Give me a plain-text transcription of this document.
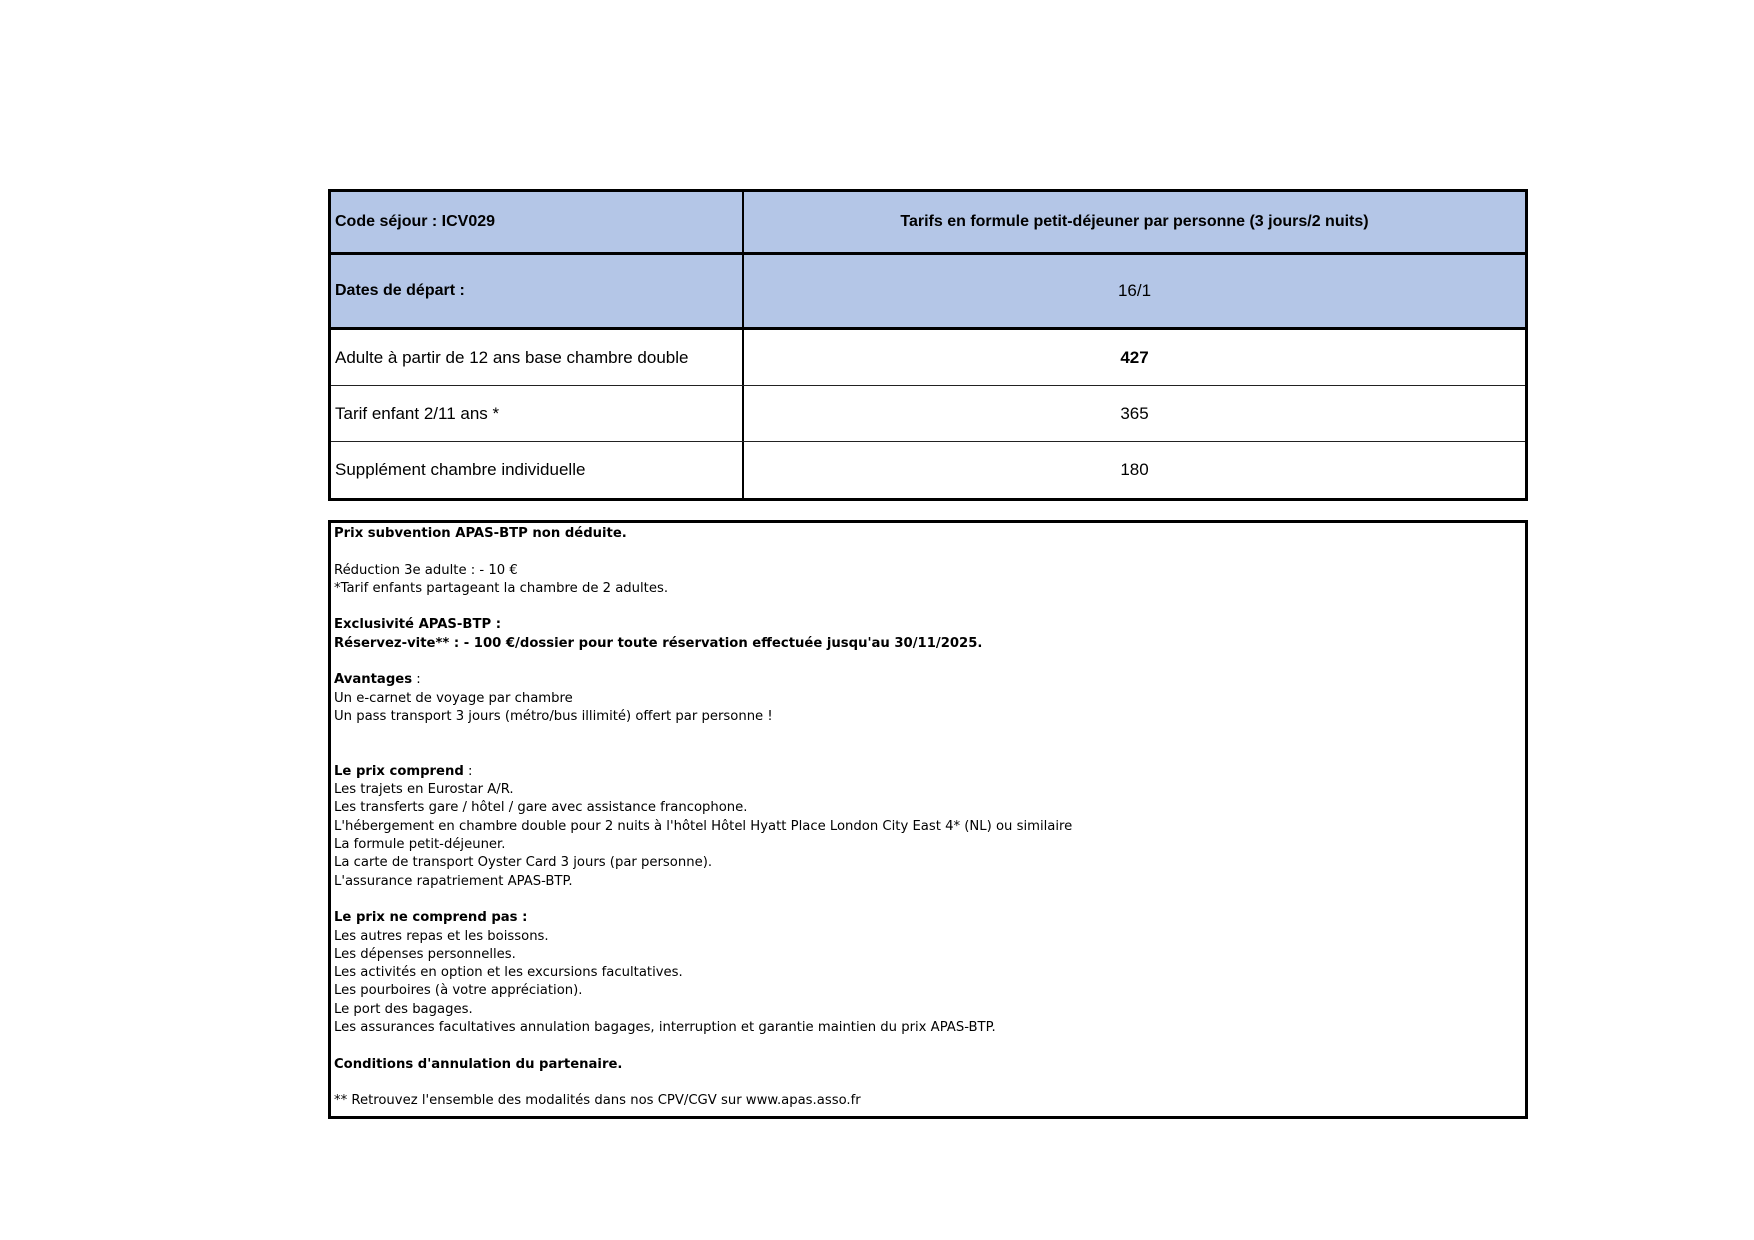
Code séjour : ICV029	Tarifs en formule petit-déjeuner par personne (3 jours/2 nuits)
Dates de départ :	16/1
Adulte à partir de 12 ans base chambre double	427
Tarif enfant 2/11 ans *	365
Supplément chambre individuelle	180
Prix subvention APAS-BTP non déduite.
Réduction 3e adulte : - 10 €
*Tarif enfants partageant la chambre de 2 adultes.
Exclusivité APAS-BTP :
Réservez-vite** : - 100 €/dossier pour toute réservation effectuée jusqu'au 30/11/2025.
Avantages :
Un e-carnet de voyage par chambre
Un pass transport 3 jours (métro/bus illimité) offert par personne !
Le prix comprend :
Les trajets en Eurostar A/R.
Les transferts gare / hôtel / gare avec assistance francophone.
L'hébergement en chambre double pour 2 nuits à l'hôtel Hôtel Hyatt Place London City East 4* (NL) ou similaire
La formule petit-déjeuner.
La carte de transport Oyster Card 3 jours (par personne).
L'assurance rapatriement APAS-BTP.
Le prix ne comprend pas :
Les autres repas et les boissons.
Les dépenses personnelles.
Les activités en option et les excursions facultatives.
Les pourboires (à votre appréciation).
Le port des bagages.
Les assurances facultatives annulation bagages, interruption et garantie maintien du prix APAS-BTP.
Conditions d'annulation du partenaire.
** Retrouvez l'ensemble des modalités dans nos CPV/CGV sur www.apas.asso.fr
